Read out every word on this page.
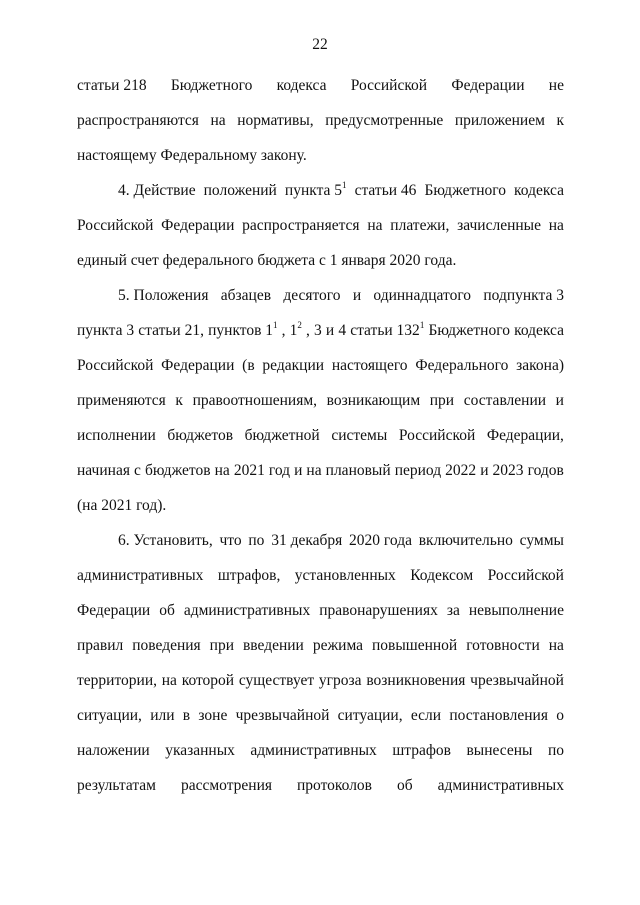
22
статьи 218 Бюджетного кодекса Российской Федерации не
распространяются на нормативы, предусмотренные приложением к
настоящему Федеральному закону.
4. Действие положений пункта $5^1$ статьи 46 Бюджетного кодекса
Российской Федерации распространяется на платежи, зачисленные на
единый счет федерального бюджета с 1 января 2020 года.
5. Положения абзацев десятого и одиннадцатого подпункта 3
пункта 3 статьи 21, пунктов $1^1$ , $1^2$ , 3 и 4 статьи $132^1$ Бюджетного кодекса
Российской Федерации (в редакции настоящего Федерального закона)
применяются к правоотношениям, возникающим при составлении и
исполнении бюджетов бюджетной системы Российской Федерации,
начиная с бюджетов на 2021 год и на плановый период 2022 и 2023 годов
(на 2021 год).
6. Установить, что по 31 декабря 2020 года включительно суммы
административных штрафов, установленных Кодексом Российской
Федерации об административных правонарушениях за невыполнение
правил поведения при введении режима повышенной готовности на
территории, на которой существует угроза возникновения чрезвычайной
ситуации, или в зоне чрезвычайной ситуации, если постановления о
наложении указанных административных штрафов вынесены по
результатам рассмотрения протоколов об административных
